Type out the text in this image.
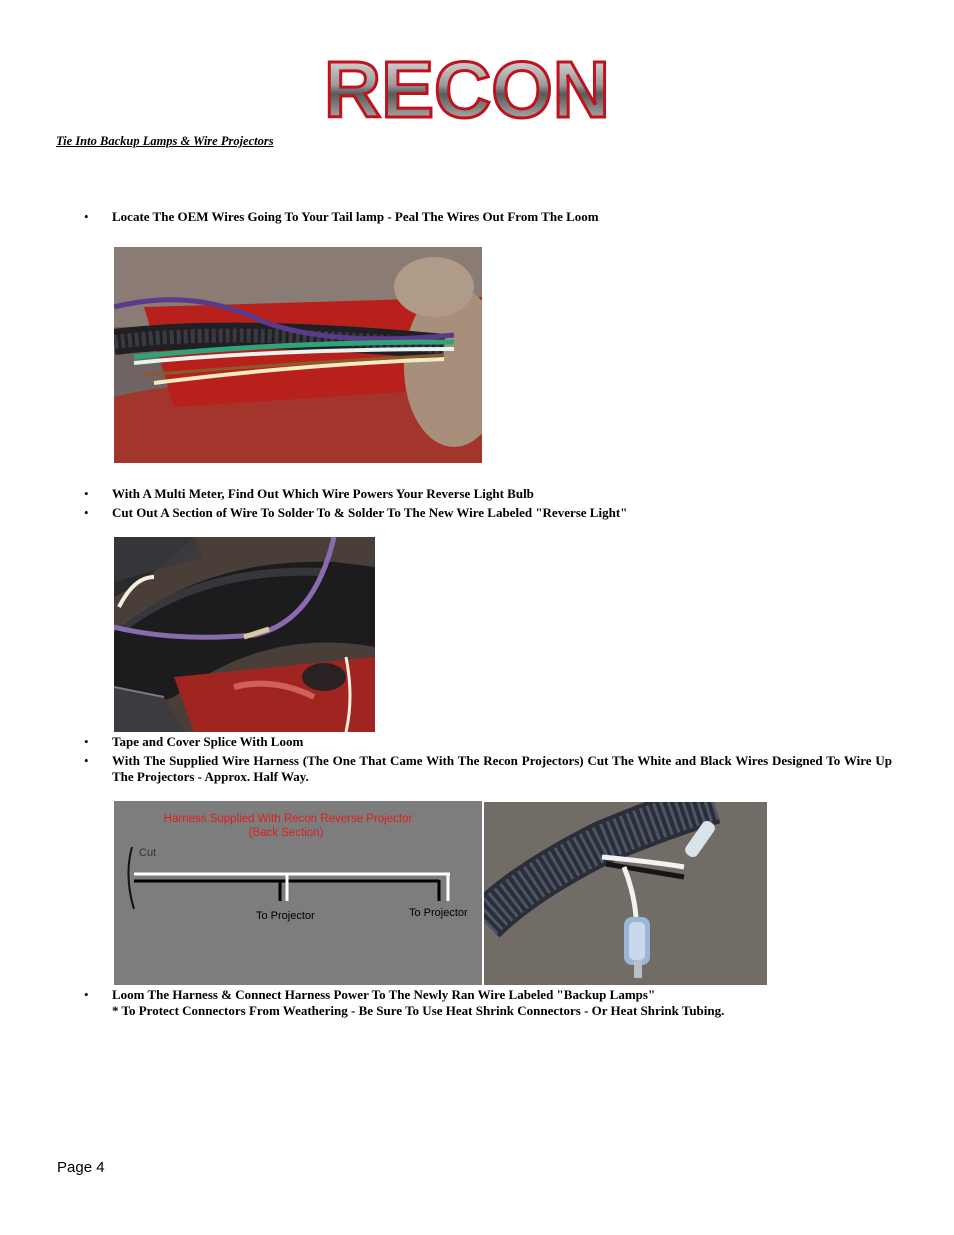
RECON
Tie Into Backup Lamps & Wire Projectors
• Locate The OEM Wires Going To Your Tail lamp - Peal The Wires Out From The Loom
• With A Multi Meter, Find Out Which Wire Powers Your Reverse Light Bulb
• Cut Out A Section of Wire To Solder To & Solder To The New Wire Labeled "Reverse Light"
• Tape and Cover Splice With Loom
• With The Supplied Wire Harness (The One That Came With The Recon Projectors) Cut The White and Black Wires Designed To Wire Up The Projectors - Approx. Half Way.
Harness Supplied With Recon Reverse Projector
(Back Section)
Cut
To Projector	To Projector
• Loom The Harness & Connect Harness Power To The Newly Ran Wire Labeled "Backup Lamps"
* To Protect Connectors From Weathering - Be Sure To Use Heat Shrink Connectors - Or Heat Shrink Tubing.
Page 4
